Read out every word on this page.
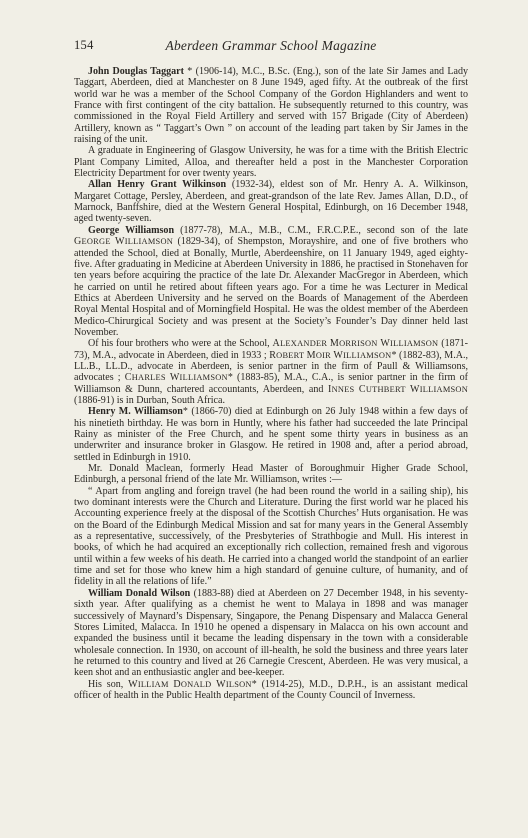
154	Aberdeen Grammar School Magazine

John Douglas Taggart * (1906-14), M.C., B.Sc. (Eng.), son of the late Sir James and Lady Taggart, Aberdeen, died at Manchester on 8 June 1949, aged fifty. At the outbreak of the first world war he was a member of the School Company of the Gordon Highlanders and went to France with first contingent of the city battalion. He subsequently returned to this country, was commissioned in the Royal Field Artillery and served with 157 Brigade (City of Aberdeen) Artillery, known as “ Taggart’s Own ” on account of the leading part taken by Sir James in the raising of the unit.

A graduate in Engineering of Glasgow University, he was for a time with the British Electric Plant Company Limited, Alloa, and thereafter held a post in the Manchester Corporation Electricity Department for over twenty years.

Allan Henry Grant Wilkinson (1932-34), eldest son of Mr. Henry A. A. Wilkinson, Margaret Cottage, Persley, Aberdeen, and great-grandson of the late Rev. James Allan, D.D., of Marnock, Banffshire, died at the Western General Hospital, Edinburgh, on 16 December 1948, aged twenty-seven.

George Williamson (1877-78), M.A., M.B., C.M., F.R.C.P.E., second son of the late GEORGE WILLIAMSON (1829-34), of Shempston, Morayshire, and one of five brothers who attended the School, died at Bonally, Murtle, Aberdeenshire, on 11 January 1949, aged eighty-five. After graduating in Medicine at Aberdeen University in 1886, he practised in Stonehaven for ten years before acquiring the practice of the late Dr. Alexander MacGregor in Aberdeen, which he carried on until he retired about fifteen years ago. For a time he was Lecturer in Medical Ethics at Aberdeen University and he served on the Boards of Management of the Aberdeen Royal Mental Hospital and of Morningfield Hospital. He was the oldest member of the Aberdeen Medico-Chirurgical Society and was present at the Society’s Founder’s Day dinner held last November.

Of his four brothers who were at the School, ALEXANDER MORRISON WILLIAMSON (1871-73), M.A., advocate in Aberdeen, died in 1933 ; ROBERT MOIR WILLIAMSON* (1882-83), M.A., LL.B., LL.D., advocate in Aberdeen, is senior partner in the firm of Paull & Williamsons, advocates ; CHARLES WILLIAMSON* (1883-85), M.A., C.A., is senior partner in the firm of Williamson & Dunn, chartered accountants, Aberdeen, and INNES CUTHBERT WILLIAMSON (1886-91) is in Durban, South Africa.

Henry M. Williamson* (1866-70) died at Edinburgh on 26 July 1948 within a few days of his ninetieth birthday. He was born in Huntly, where his father had succeeded the late Principal Rainy as minister of the Free Church, and he spent some thirty years in business as an underwriter and insurance broker in Glasgow. He retired in 1908 and, after a period abroad, settled in Edinburgh in 1910.

Mr. Donald Maclean, formerly Head Master of Boroughmuir Higher Grade School, Edinburgh, a personal friend of the late Mr. Williamson, writes :—

“ Apart from angling and foreign travel (he had been round the world in a sailing ship), his two dominant interests were the Church and Literature. During the first world war he placed his Accounting experience freely at the disposal of the Scottish Churches’ Huts organisation. He was on the Board of the Edinburgh Medical Mission and sat for many years in the General Assembly as a representative, successively, of the Presbyteries of Strathbogie and Mull. His interest in books, of which he had acquired an exceptionally rich collection, remained fresh and vigorous until within a few weeks of his death. He carried into a changed world the standpoint of an earlier time and set for those who knew him a high standard of genuine culture, of humanity, and of fidelity in all the relations of life.”

William Donald Wilson (1883-88) died at Aberdeen on 27 December 1948, in his seventy-sixth year. After qualifying as a chemist he went to Malaya in 1898 and was manager successively of Maynard’s Dispensary, Singapore, the Penang Dispensary and Malacca General Stores Limited, Malacca. In 1910 he opened a dispensary in Malacca on his own account and expanded the business until it became the leading dispensary in the town with a considerable wholesale connection. In 1930, on account of ill-health, he sold the business and three years later he returned to this country and lived at 26 Carnegie Crescent, Aberdeen. He was very musical, a keen shot and an enthusiastic angler and bee-keeper.

His son, WILLIAM DONALD WILSON* (1914-25), M.D., D.P.H., is an assistant medical officer of health in the Public Health department of the County Council of Inverness.
